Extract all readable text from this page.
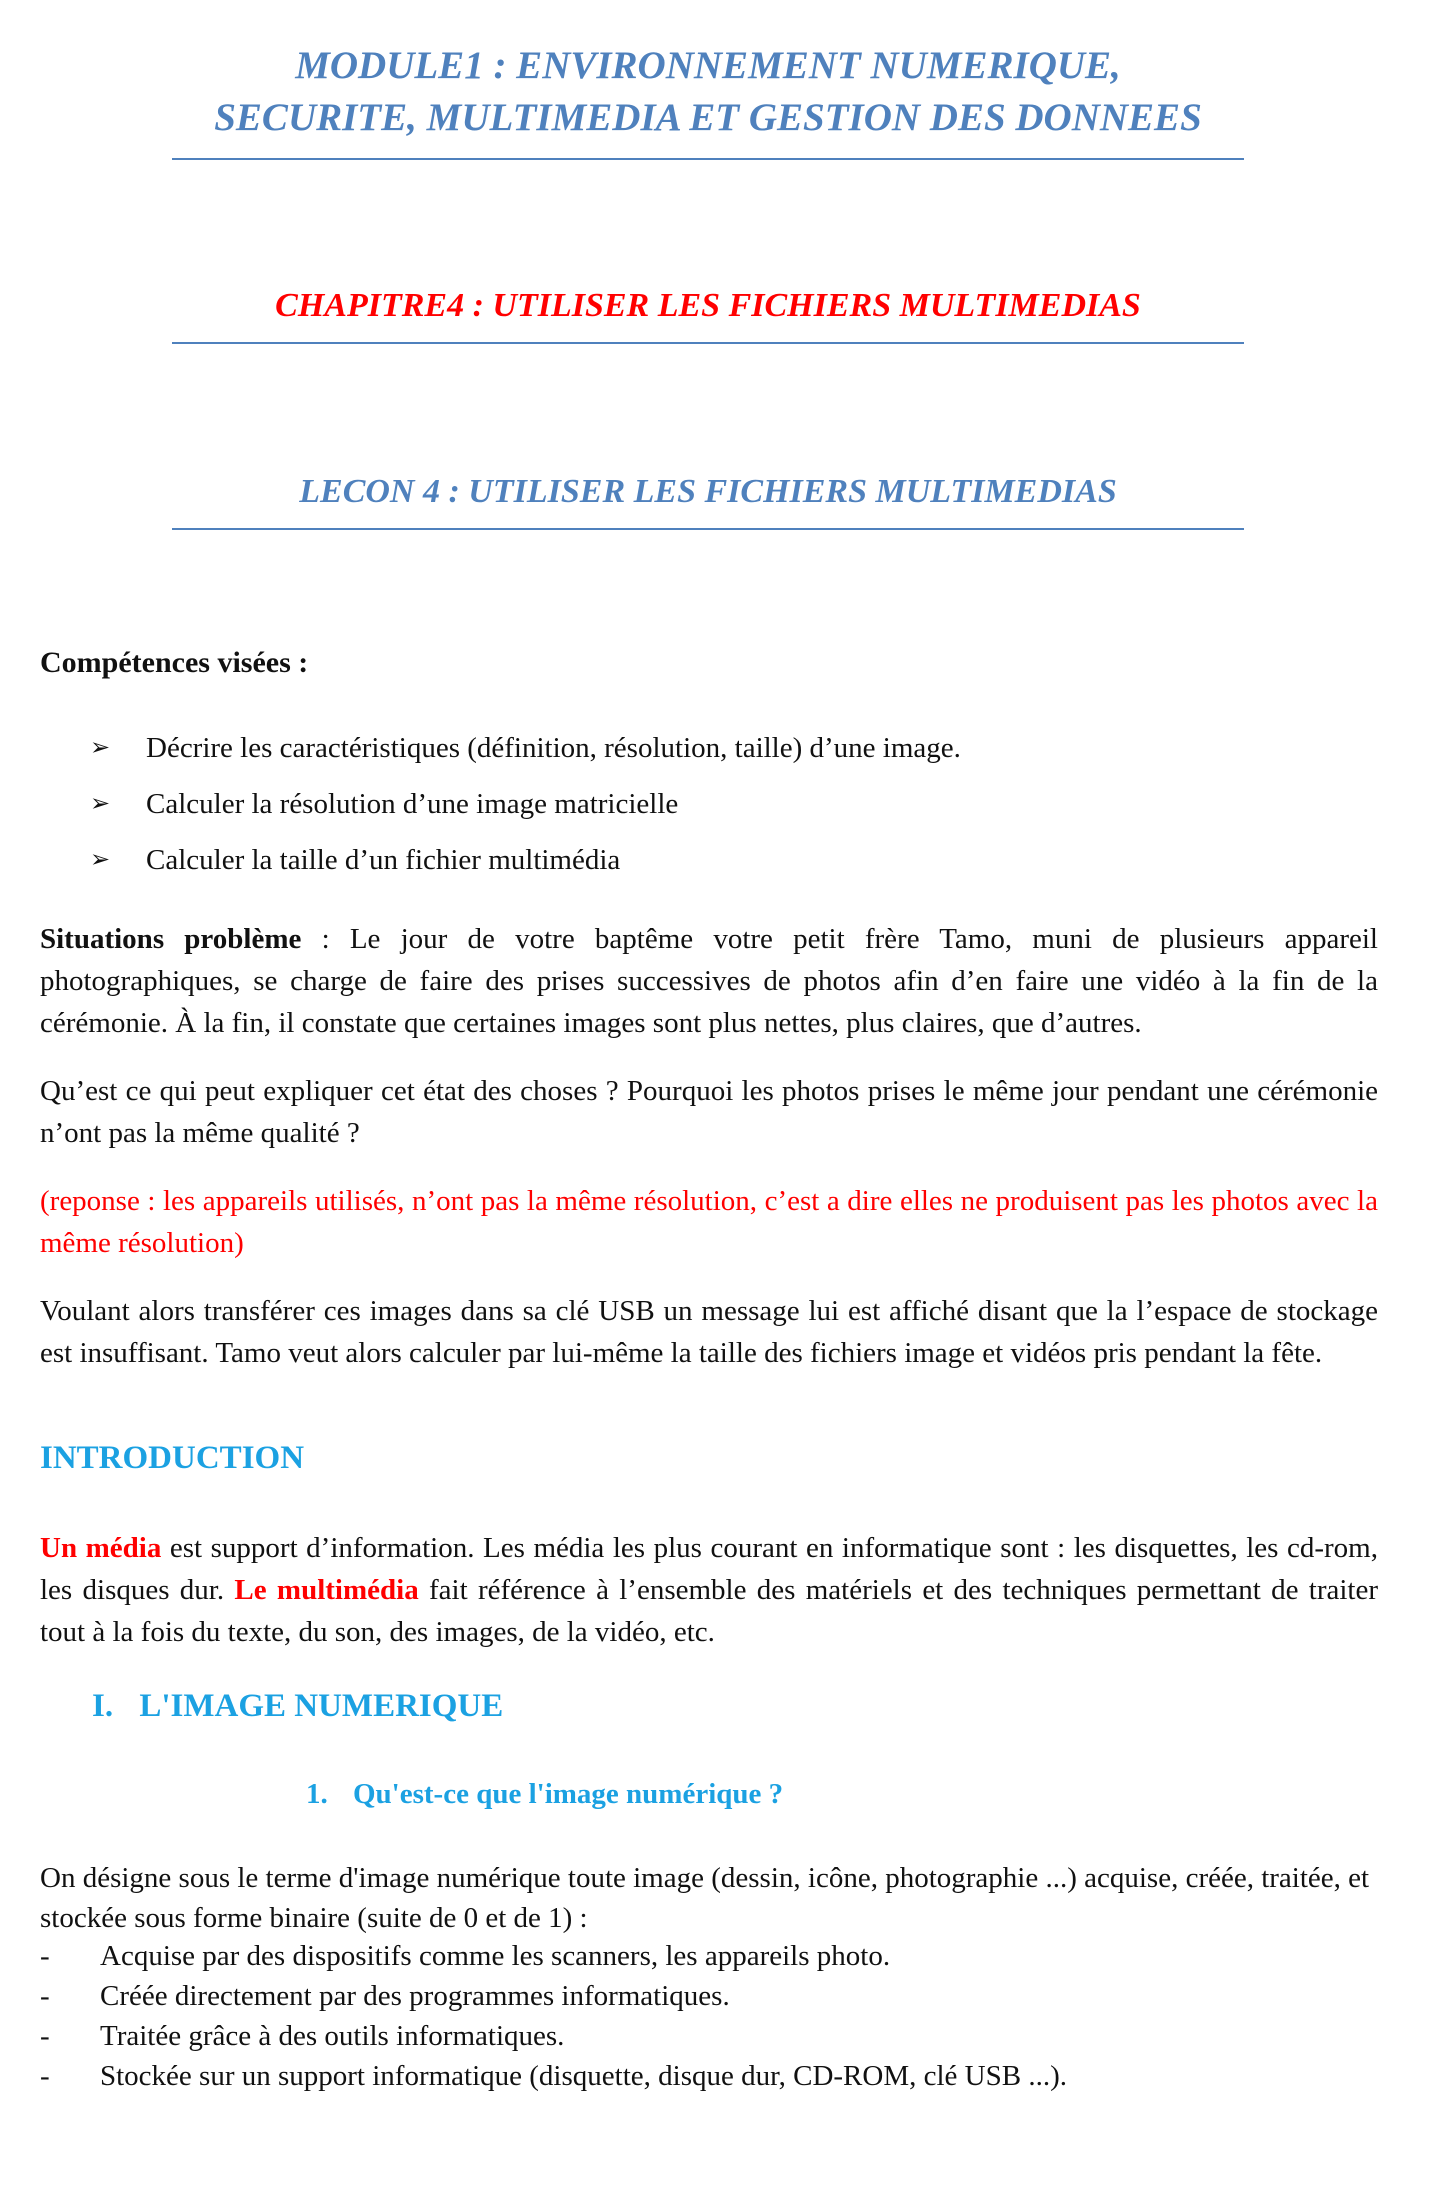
MODULE1 : ENVIRONNEMENT NUMERIQUE,
SECURITE, MULTIMEDIA ET GESTION DES DONNEES
CHAPITRE4 : UTILISER LES FICHIERS MULTIMEDIAS
LECON 4 : UTILISER LES FICHIERS MULTIMEDIAS
Compétences visées :
➢	Décrire les caractéristiques (définition, résolution, taille) d’une image.
➢	Calculer la résolution d’une image matricielle
➢	Calculer la taille d’un fichier multimédia

Situations problème : Le jour de votre baptême votre petit frère Tamo, muni de plusieurs appareil photographiques, se charge de faire des prises successives de photos afin d’en faire une vidéo à la fin de la cérémonie. À la fin, il constate que certaines images sont plus nettes, plus claires, que d’autres.

Qu’est ce qui peut expliquer cet état des choses ? Pourquoi les photos prises le même jour pendant une cérémonie n’ont pas la même qualité ?

(reponse : les appareils utilisés, n’ont pas la même résolution, c’est a dire elles ne produisent pas les photos avec la même résolution)

Voulant alors transférer ces images dans sa clé USB un message lui est affiché disant que la l’espace de stockage est insuffisant. Tamo veut alors calculer par lui-même la taille des fichiers image et vidéos pris pendant la fête.

INTRODUCTION

Un média est support d’information. Les média les plus courant en informatique sont : les disquettes, les cd-rom, les disques dur. Le multimédia fait référence à l’ensemble des matériels et des techniques permettant de traiter tout à la fois du texte, du son, des images, de la vidéo, etc.

I. L'IMAGE NUMERIQUE
1. Qu'est-ce que l'image numérique ?

On désigne sous le terme d'image numérique toute image (dessin, icône, photographie ...) acquise, créée, traitée, et stockée sous forme binaire (suite de 0 et de 1) :

-	Acquise par des dispositifs comme les scanners, les appareils photo.
-	Créée directement par des programmes informatiques.
-	Traitée grâce à des outils informatiques.
-	Stockée sur un support informatique (disquette, disque dur, CD-ROM, clé USB ...).
